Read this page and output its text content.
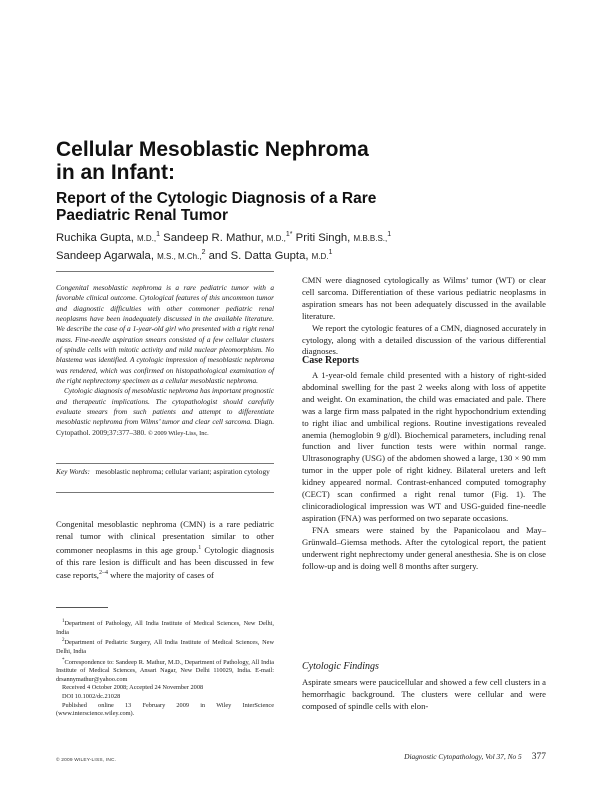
Cellular Mesoblastic Nephroma
in an Infant:
Report of the Cytologic Diagnosis of a Rare
Paediatric Renal Tumor
Ruchika Gupta, M.D.,$^1$ Sandeep R. Mathur, M.D.,$^{1*}$ Priti Singh, M.B.B.S.,$^1$
Sandeep Agarwala, M.S., M.Ch.,$^2$ and S. Datta Gupta, M.D.$^1$

Congenital mesoblastic nephroma is a rare pediatric tumor with a favorable clinical outcome. Cytological features of this uncommon tumor and diagnostic difficulties with other commoner pediatric renal neoplasms have been inadequately discussed in the available literature. We describe the case of a 1-year-old girl who presented with a right renal mass. Fine-needle aspiration smears consisted of a few cellular clusters of spindle cells with mitotic activity and mild nuclear pleomorphism. No blastema was identified. A cytologic impression of mesoblastic nephroma was rendered, which was confirmed on histopathological examination of the right nephrectomy specimen as a cellular mesoblastic nephroma.

Cytologic diagnosis of mesoblastic nephroma has important prognostic and therapeutic implications. The cytopathologist should carefully evaluate smears from such patients and attempt to differentiate mesoblastic nephroma from Wilms’ tumor and clear cell sarcoma. Diagn. Cytopathol. 2009;37:377–380. © 2009 Wiley-Liss, Inc.

Key Words: mesoblastic nephroma; cellular variant; aspiration cytology

Congenital mesoblastic nephroma (CMN) is a rare pediatric renal tumor with clinical presentation similar to other commoner neoplasms in this age group.$^1$ Cytologic diagnosis of this rare lesion is difficult and has been discussed in few case reports,$^{2-4}$ where the majority of cases of

$^1$Department of Pathology, All India Institute of Medical Sciences, New Delhi, India

$^2$Department of Pediatric Surgery, All India Institute of Medical Sciences, New Delhi, India

*Correspondence to: Sandeep R. Mathur, M.D., Department of Pathology, All India Institute of Medical Sciences, Ansari Nagar, New Delhi 110029, India. E-mail: drsannymathur@yahoo.com

Received 4 October 2008; Accepted 24 November 2008

DOI 10.1002/dc.21028

Published online 13 February 2009 in Wiley InterScience (www.interscience.wiley.com).

CMN were diagnosed cytologically as Wilms’ tumor (WT) or clear cell sarcoma. Differentiation of these various pediatric neoplasms in aspiration smears has not been adequately discussed in the available literature.

We report the cytologic features of a CMN, diagnosed accurately in cytology, along with a detailed discussion of the various differential diagnoses.

Case Reports

A 1-year-old female child presented with a history of right-sided abdominal swelling for the past 2 weeks along with loss of appetite and weight. On examination, the child was emaciated and pale. There was a large firm mass palpated in the right hypochondrium extending to right iliac and umbilical regions. Routine investigations revealed anemia (hemoglobin 9 g/dl). Biochemical parameters, including renal function and liver function tests were within normal range. Ultrasonography (USG) of the abdomen showed a large, 130 × 90 mm tumor in the upper pole of right kidney. Bilateral ureters and left kidney appeared normal. Contrast-enhanced computed tomography (CECT) scan confirmed a right renal tumor (Fig. 1). The clinicoradiological impression was WT and USG-guided fine-needle aspiration (FNA) was performed on two separate occasions.

FNA smears were stained by the Papanicolaou and May–Grünwald–Giemsa methods. After the cytological report, the patient underwent right nephrectomy under general anesthesia. She is on close follow-up and is doing well 8 months after surgery.

Cytologic Findings

Aspirate smears were paucicellular and showed a few cell clusters in a hemorrhagic background. The clusters were cellular and were composed of spindle cells with elon-

© 2009 WILEY-LISS, INC.	Diagnostic Cytopathology, Vol 37, No 5 377
